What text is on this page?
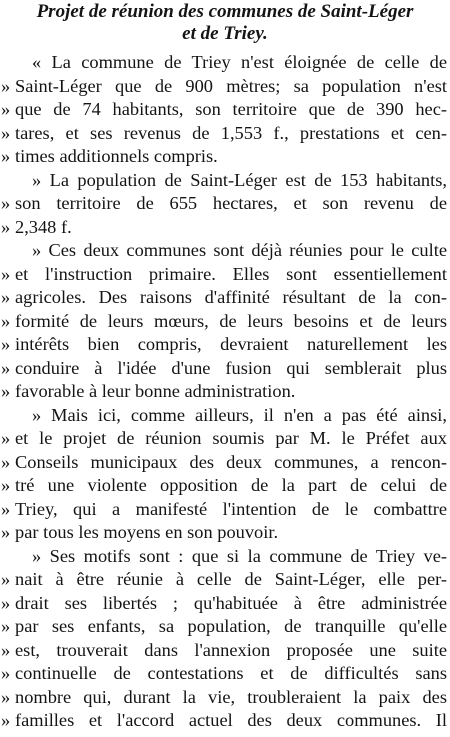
Projet de réunion des communes de Saint-Léger
et de Triey.
« La commune de Triey n'est éloignée de celle de
» Saint-Léger que de 900 mètres; sa population n'est
» que de 74 habitants, son territoire que de 390 hec-
» tares, et ses revenus de 1,553 f., prestations et cen-
» times additionnels compris.
» La population de Saint-Léger est de 153 habitants,
» son territoire de 655 hectares, et son revenu de
» 2,348 f.
» Ces deux communes sont déjà réunies pour le culte
» et l'instruction primaire. Elles sont essentiellement
» agricoles. Des raisons d'affinité résultant de la con-
» formité de leurs mœurs, de leurs besoins et de leurs
» intérêts bien compris, devraient naturellement les
» conduire à l'idée d'une fusion qui semblerait plus
» favorable à leur bonne administration.
» Mais ici, comme ailleurs, il n'en a pas été ainsi,
» et le projet de réunion soumis par M. le Préfet aux
» Conseils municipaux des deux communes, a rencon-
» tré une violente opposition de la part de celui de
» Triey, qui a manifesté l'intention de le combattre
» par tous les moyens en son pouvoir.
» Ses motifs sont : que si la commune de Triey ve-
» nait à être réunie à celle de Saint-Léger, elle per-
» drait ses libertés ; qu'habituée à être administrée
» par ses enfants, sa population, de tranquille qu'elle
» est, trouverait dans l'annexion proposée une suite
» continuelle de contestations et de difficultés sans
» nombre qui, durant la vie, troubleraient la paix des
» familles et l'accord actuel des deux communes. Il
